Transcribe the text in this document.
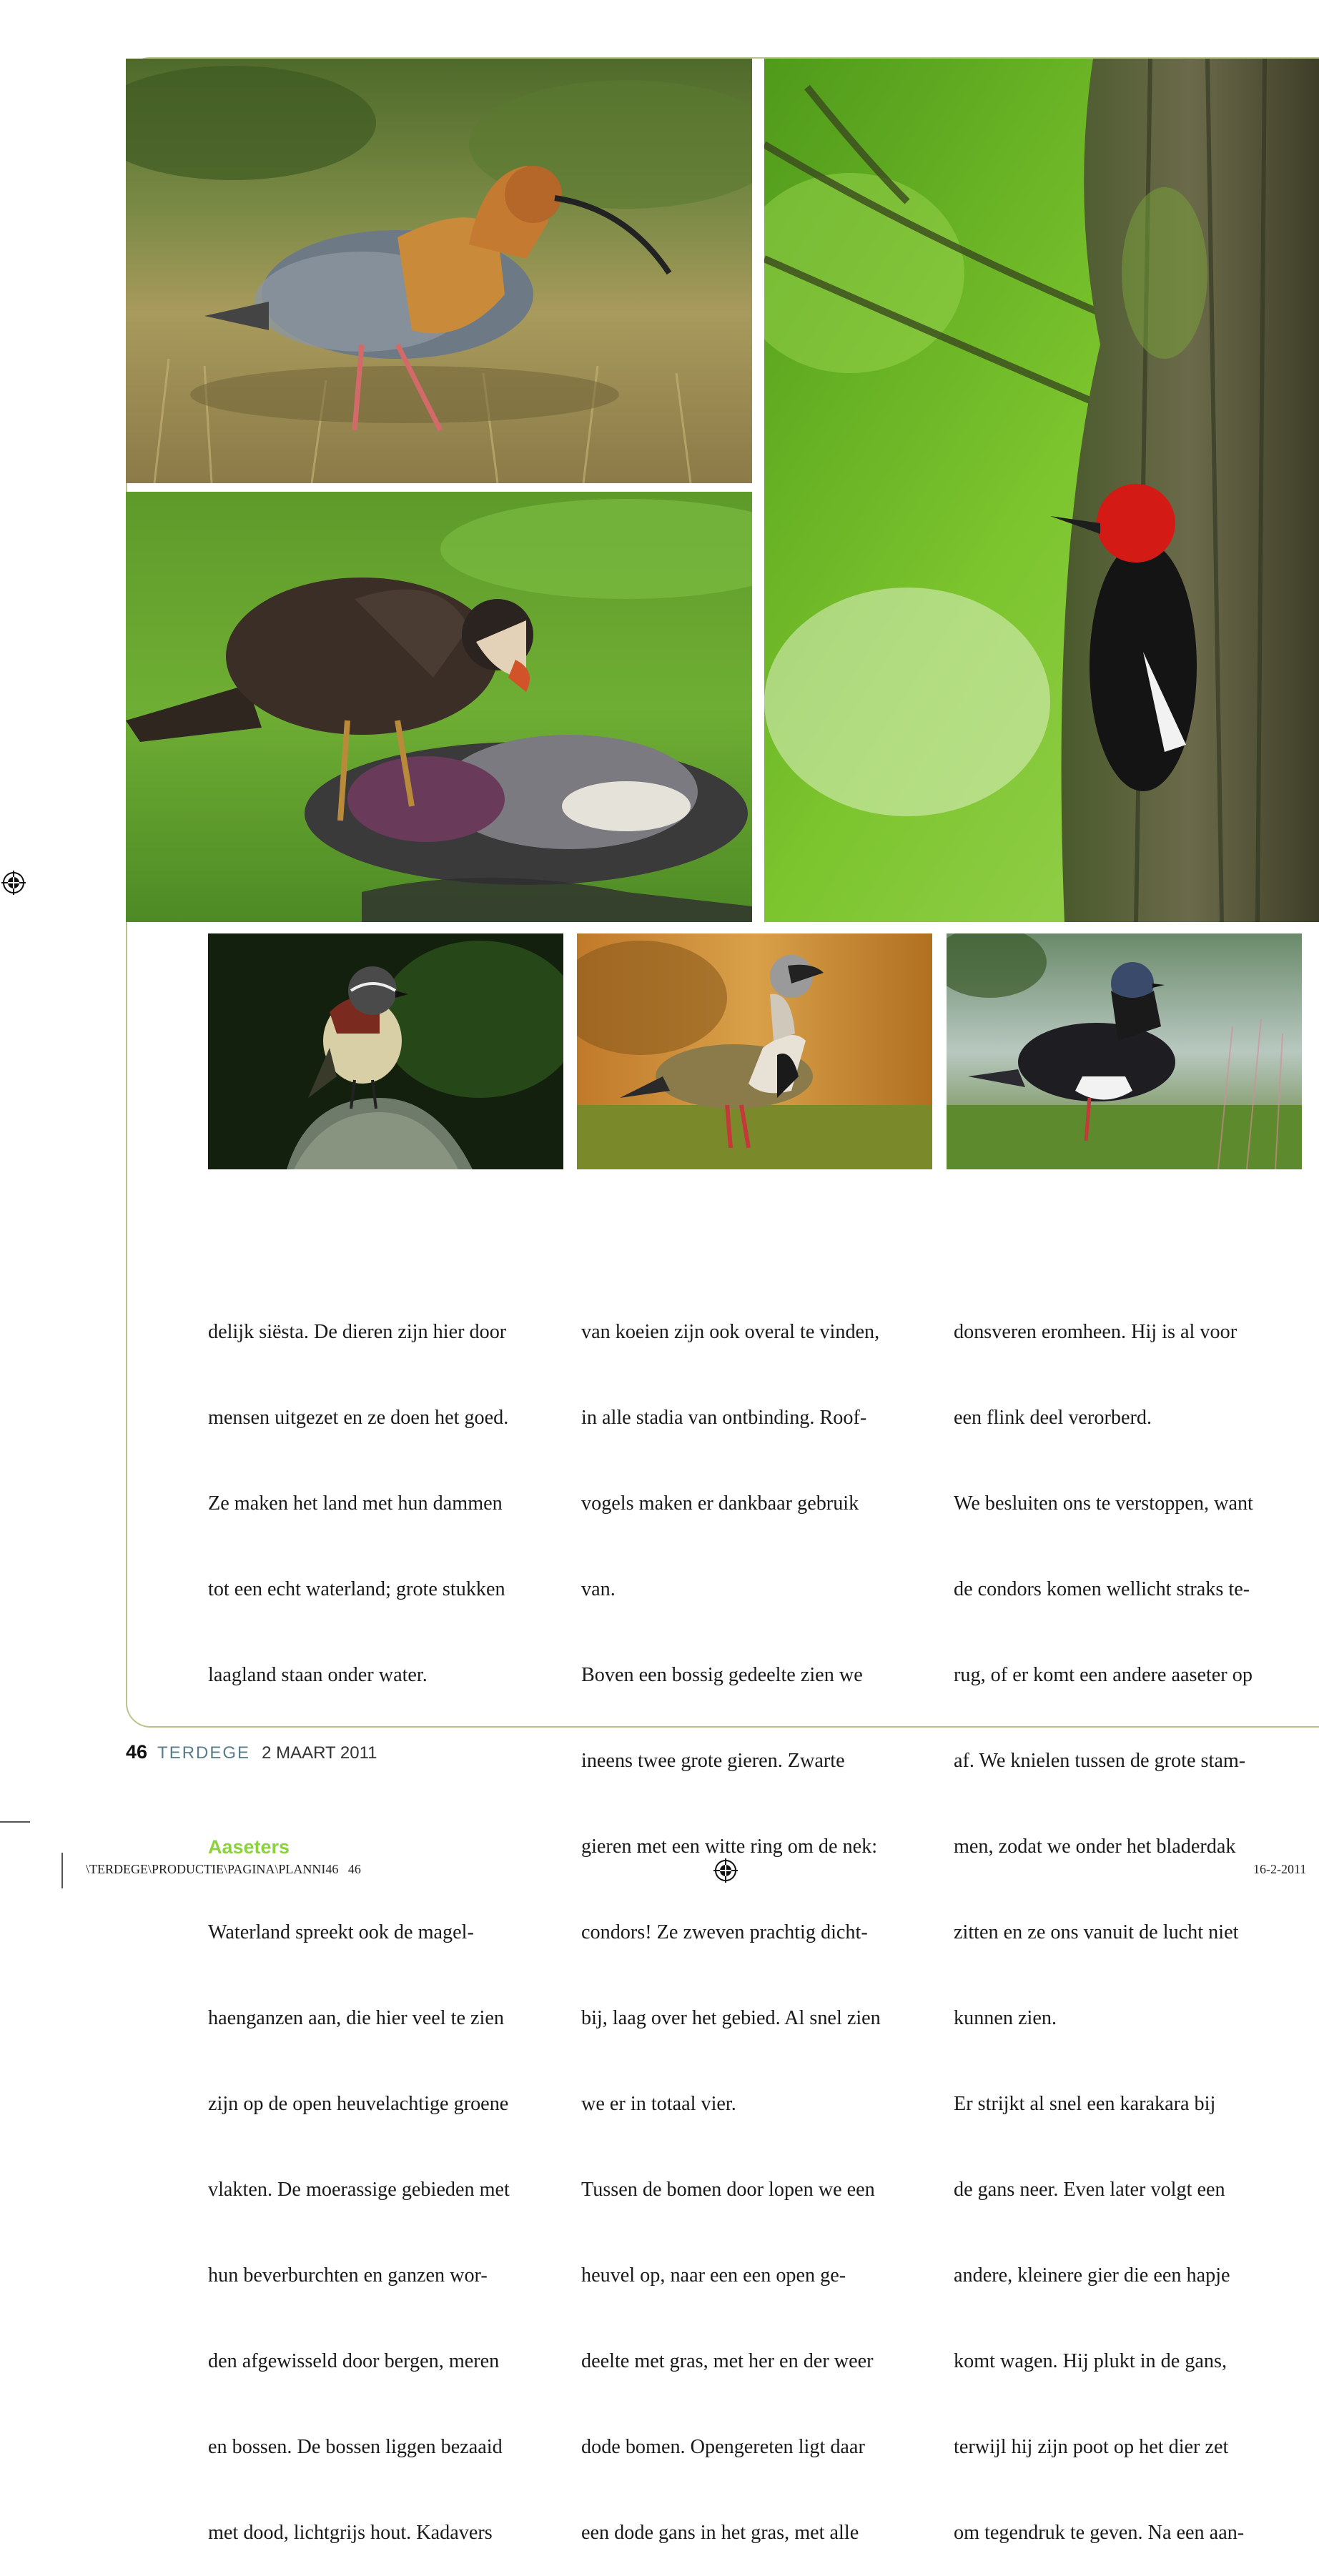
delijk siësta. De dieren zijn hier door

mensen uitgezet en ze doen het goed.

Ze maken het land met hun dammen

tot een echt waterland; grote stukken

laagland staan onder water.

Aaseters

Waterland spreekt ook de magel-

haenganzen aan, die hier veel te zien

zijn op de open heuvelachtige groene

vlakten. De moerassige gebieden met

hun beverburchten en ganzen wor-

den afgewisseld door bergen, meren

en bossen. De bossen liggen bezaaid

met dood, lichtgrijs hout. Kadavers

van koeien zijn ook overal te vinden,

in alle stadia van ontbinding. Roof-

vogels maken er dankbaar gebruik

van.

Boven een bossig gedeelte zien we

ineens twee grote gieren. Zwarte

gieren met een witte ring om de nek:

condors! Ze zweven prachtig dicht-

bij, laag over het gebied. Al snel zien

we er in totaal vier.

Tussen de bomen door lopen we een

heuvel op, naar een een open ge-

deelte met gras, met her en der weer

dode bomen. Opengereten ligt daar

een dode gans in het gras, met alle

donsveren eromheen. Hij is al voor

een flink deel verorberd.

We besluiten ons te verstoppen, want

de condors komen wellicht straks te-

rug, of er komt een andere aaseter op

af. We knielen tussen de grote stam-

men, zodat we onder het bladerdak

zitten en ze ons vanuit de lucht niet

kunnen zien.

Er strijkt al snel een karakara bij

de gans neer. Even later volgt een

andere, kleinere gier die een hapje

komt wagen. Hij plukt in de gans,

terwijl hij zijn poot op het dier zet

om tegendruk te geven. Na een aan-

46 TERDEGE 2 MAART 2011
\TERDEGE\PRODUCTIE\PAGINA\PLANNI46   46	16-2-2011
